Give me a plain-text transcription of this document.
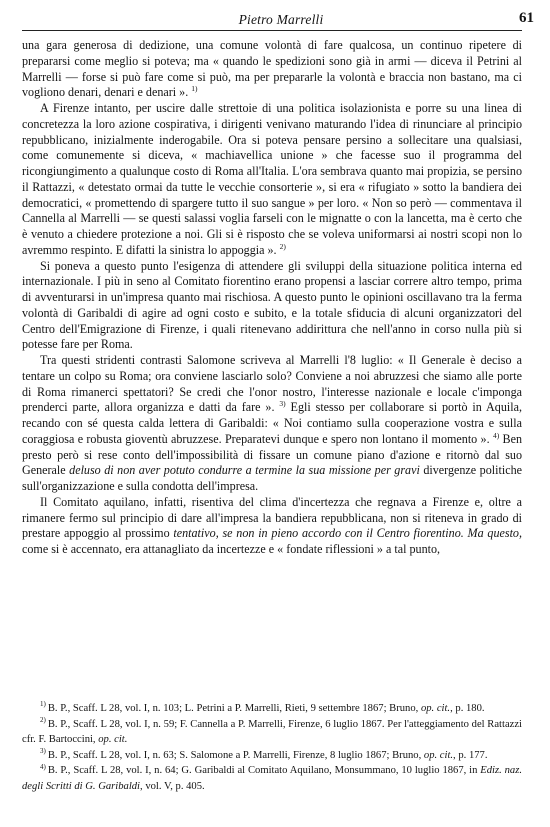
Pietro Marrelli	61

una gara generosa di dedizione, una comune volontà di fare qualcosa, un continuo ripetere di prepararsi come meglio si poteva; ma « quando le spedizioni sono già in armi — diceva il Petrini al Marrelli — forse si può fare come si può, ma per prepararle la volontà e braccia non bastano, ma ci vogliono denari, denari e denari ». $^{1)}$

A Firenze intanto, per uscire dalle strettoie di una politica isolazionista e porre su una linea di concretezza la loro azione cospirativa, i dirigenti venivano maturando l'idea di rinunciare al principio repubblicano, inizialmente inderogabile. Ora si poteva pensare persino a sollecitare una qualsiasi, come comunemente si diceva, « machiavellica unione » che facesse suo il programma del ricongiungimento a qualunque costo di Roma all'Italia. L'ora sembrava quanto mai propizia, se persino il Rattazzi, « detestato ormai da tutte le vecchie consorterie », si era « rifugiato » sotto la bandiera dei democratici, « promettendo di spargere tutto il suo sangue » per loro. « Non so però — commentava il Cannella al Marrelli — se questi salassi voglia farseli con le mignatte o con la lancetta, ma è certo che è venuto a chiedere protezione a noi. Gli si è risposto che se voleva uniformarsi ai nostri scopi non lo avremmo respinto. E difatti la sinistra lo appoggia ». $^{2)}$

Si poneva a questo punto l'esigenza di attendere gli sviluppi della situazione politica interna ed internazionale. I più in seno al Comitato fiorentino erano propensi a lasciar correre altro tempo, prima di avventurarsi in un'impresa quanto mai rischiosa. A questo punto le opinioni oscillavano tra la ferma volontà di Garibaldi di agire ad ogni costo e subito, e la totale sfiducia di alcuni organizzatori del Centro dell'Emigrazione di Firenze, i quali ritenevano addirittura che nell'anno in corso nulla più si potesse fare per Roma.

Tra questi stridenti contrasti Salomone scriveva al Marrelli l'8 luglio: « Il Generale è deciso a tentare un colpo su Roma; ora conviene lasciarlo solo? Conviene a noi abruzzesi che siamo alle porte di Roma rimanerci spettatori? Se credi che l'onor nostro, l'interesse nazionale e locale c'imponga prenderci parte, allora organizza e datti da fare ». $^{3)}$ Egli stesso per collaborare si portò in Aquila, recando con sé questa calda lettera di Garibaldi: « Noi contiamo sulla cooperazione vostra e sulla coraggiosa e robusta gioventù abruzzese. Preparatevi dunque e spero non lontano il momento ». $^{4)}$ Ben presto però si rese conto dell'impossibilità di fissare un comune piano d'azione e ritornò dal suo Generale deluso di non aver potuto condurre a termine la sua missione per gravi divergenze politiche sull'organizzazione e sulla condotta dell'impresa.

Il Comitato aquilano, infatti, risentiva del clima d'incertezza che regnava a Firenze e, oltre a rimanere fermo sul principio di dare all'impresa la bandiera repubblicana, non si riteneva in grado di prestare appoggio al prossimo tentativo, se non in pieno accordo con il Centro fiorentino. Ma questo, come si è accennato, era attanagliato da incertezze e « fondate riflessioni » a tal punto,

$^{1)}$ B. P., Scaff. L 28, vol. I, n. 103; L. Petrini a P. Marrelli, Rieti, 9 settembre 1867; Bruno, op. cit., p. 180.

$^{2)}$ B. P., Scaff. L 28, vol. I, n. 59; F. Cannella a P. Marrelli, Firenze, 6 luglio 1867. Per l'atteggiamento del Rattazzi cfr. F. Bartoccini, op. cit.

$^{3)}$ B. P., Scaff. L 28, vol. I, n. 63; S. Salomone a P. Marrelli, Firenze, 8 luglio 1867; Bruno, op. cit., p. 177.

$^{4)}$ B. P., Scaff. L 28, vol. I, n. 64; G. Garibaldi al Comitato Aquilano, Monsummano, 10 luglio 1867, in Ediz. naz. degli Scritti di G. Garibaldi, vol. V, p. 405.
